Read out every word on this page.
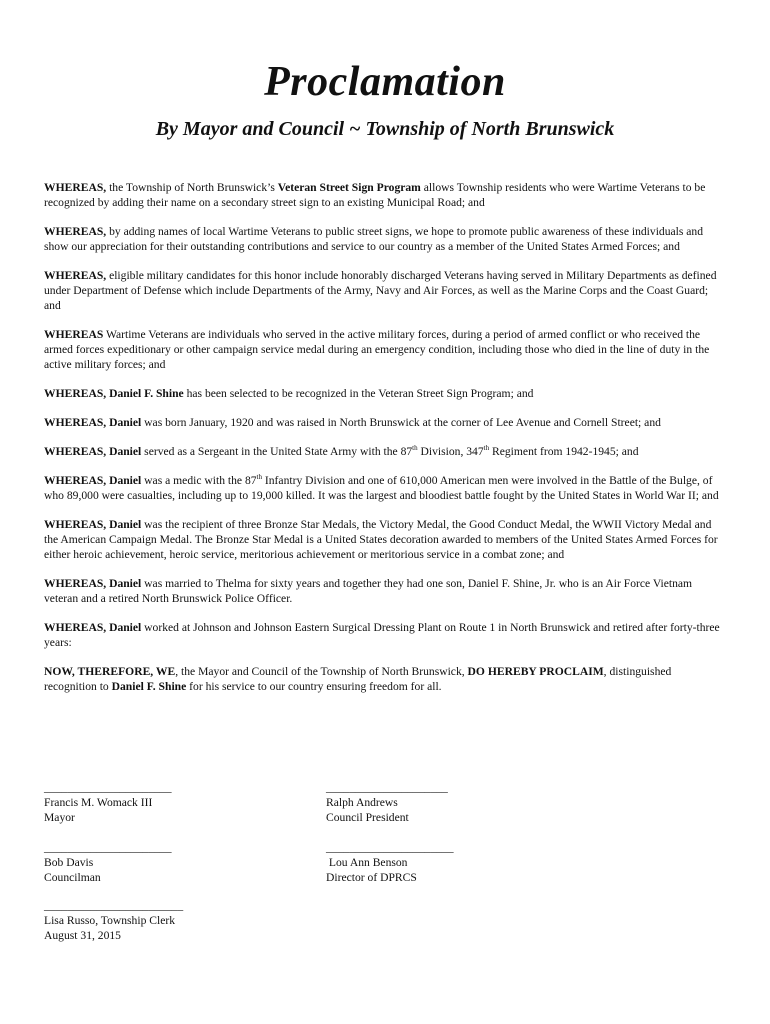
Proclamation
By Mayor and Council ~ Township of North Brunswick

WHEREAS, the Township of North Brunswick’s Veteran Street Sign Program allows Township residents who were Wartime Veterans to be recognized by adding their name on a secondary street sign to an existing Municipal Road; and

WHEREAS, by adding names of local Wartime Veterans to public street signs, we hope to promote public awareness of these individuals and show our appreciation for their outstanding contributions and service to our country as a member of the United States Armed Forces; and

WHEREAS, eligible military candidates for this honor include honorably discharged Veterans having served in Military Departments as defined under Department of Defense which include Departments of the Army, Navy and Air Forces, as well as the Marine Corps and the Coast Guard; and

WHEREAS Wartime Veterans are individuals who served in the active military forces, during a period of armed conflict or who received the armed forces expeditionary or other campaign service medal during an emergency condition, including those who died in the line of duty in the active military forces; and

WHEREAS, Daniel F. Shine has been selected to be recognized in the Veteran Street Sign Program; and

WHEREAS, Daniel was born January, 1920 and was raised in North Brunswick at the corner of Lee Avenue and Cornell Street; and

WHEREAS, Daniel served as a Sergeant in the United State Army with the 87th Division, 347th Regiment from 1942-1945; and

WHEREAS, Daniel was a medic with the 87th Infantry Division and one of 610,000 American men were involved in the Battle of the Bulge, of who 89,000 were casualties, including up to 19,000 killed. It was the largest and bloodiest battle fought by the United States in World War II; and

WHEREAS, Daniel was the recipient of three Bronze Star Medals, the Victory Medal, the Good Conduct Medal, the WWII Victory Medal and the American Campaign Medal. The Bronze Star Medal is a United States decoration awarded to members of the United States Armed Forces for either heroic achievement, heroic service, meritorious achievement or meritorious service in a combat zone; and

WHEREAS, Daniel was married to Thelma for sixty years and together they had one son, Daniel F. Shine, Jr. who is an Air Force Vietnam veteran and a retired North Brunswick Police Officer.

WHEREAS, Daniel worked at Johnson and Johnson Eastern Surgical Dressing Plant on Route 1 in North Brunswick and retired after forty-three years:

NOW, THEREFORE, WE, the Mayor and Council of the Township of North Brunswick, DO HEREBY PROCLAIM, distinguished recognition to Daniel F. Shine for his service to our country ensuring freedom for all.

______________________
Francis M. Womack III
Mayor
_____________________
Ralph Andrews
Council President
______________________
Bob Davis
Councilman
______________________
Lou Ann Benson
Director of DPRCS
________________________
Lisa Russo, Township Clerk
August 31, 2015
